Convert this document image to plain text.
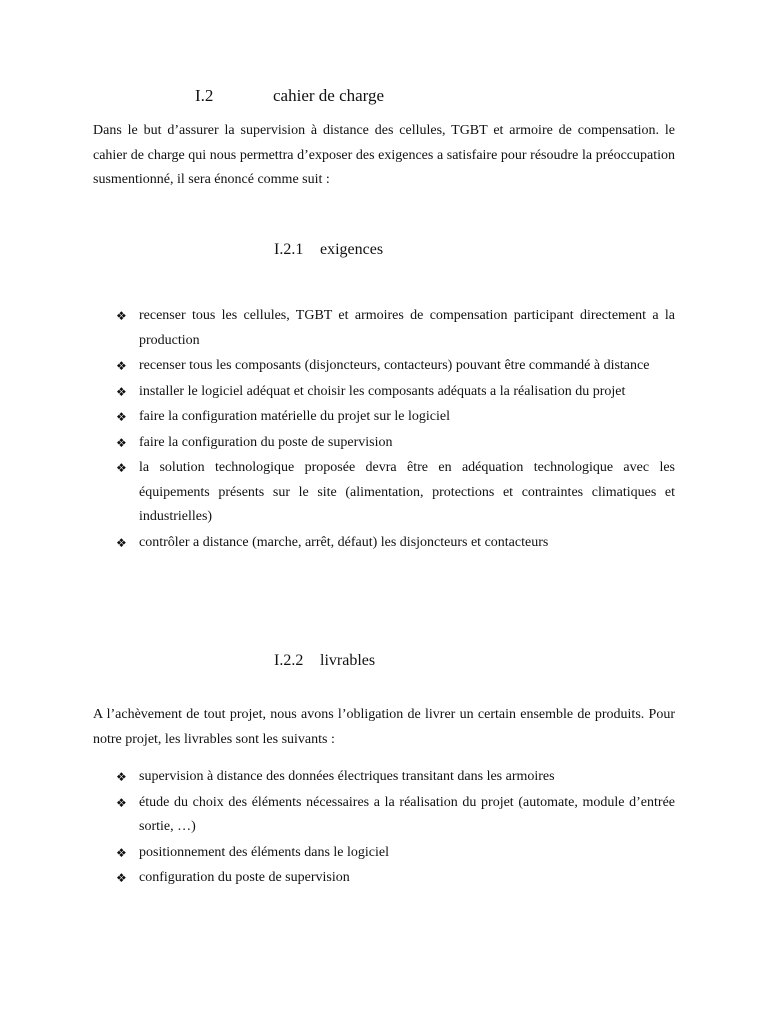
I.2	cahier de charge

Dans le but d’assurer la supervision à distance des cellules, TGBT et armoire de compensation. le cahier de charge qui nous permettra d’exposer des exigences a satisfaire pour résoudre la préoccupation susmentionné, il sera énoncé comme suit :

I.2.1 exigences
❖ recenser tous les cellules, TGBT et armoires de compensation participant directement a la production
❖ recenser tous les composants (disjoncteurs, contacteurs) pouvant être commandé à distance
❖ installer le logiciel adéquat et choisir les composants adéquats a la réalisation du projet
❖ faire la configuration matérielle du projet sur le logiciel
❖ faire la configuration du poste de supervision
❖ la solution technologique proposée devra être en adéquation technologique avec les équipements présents sur le site (alimentation, protections et contraintes climatiques et industrielles)
❖ contrôler a distance (marche, arrêt, défaut) les disjoncteurs et contacteurs
I.2.2 livrables

A l’achèvement de tout projet, nous avons l’obligation de livrer un certain ensemble de produits. Pour notre projet, les livrables sont les suivants :

❖ supervision à distance des données électriques transitant dans les armoires
❖ étude du choix des éléments nécessaires a la réalisation du projet (automate, module d’entrée sortie, …)
❖ positionnement des éléments dans le logiciel
❖ configuration du poste de supervision
